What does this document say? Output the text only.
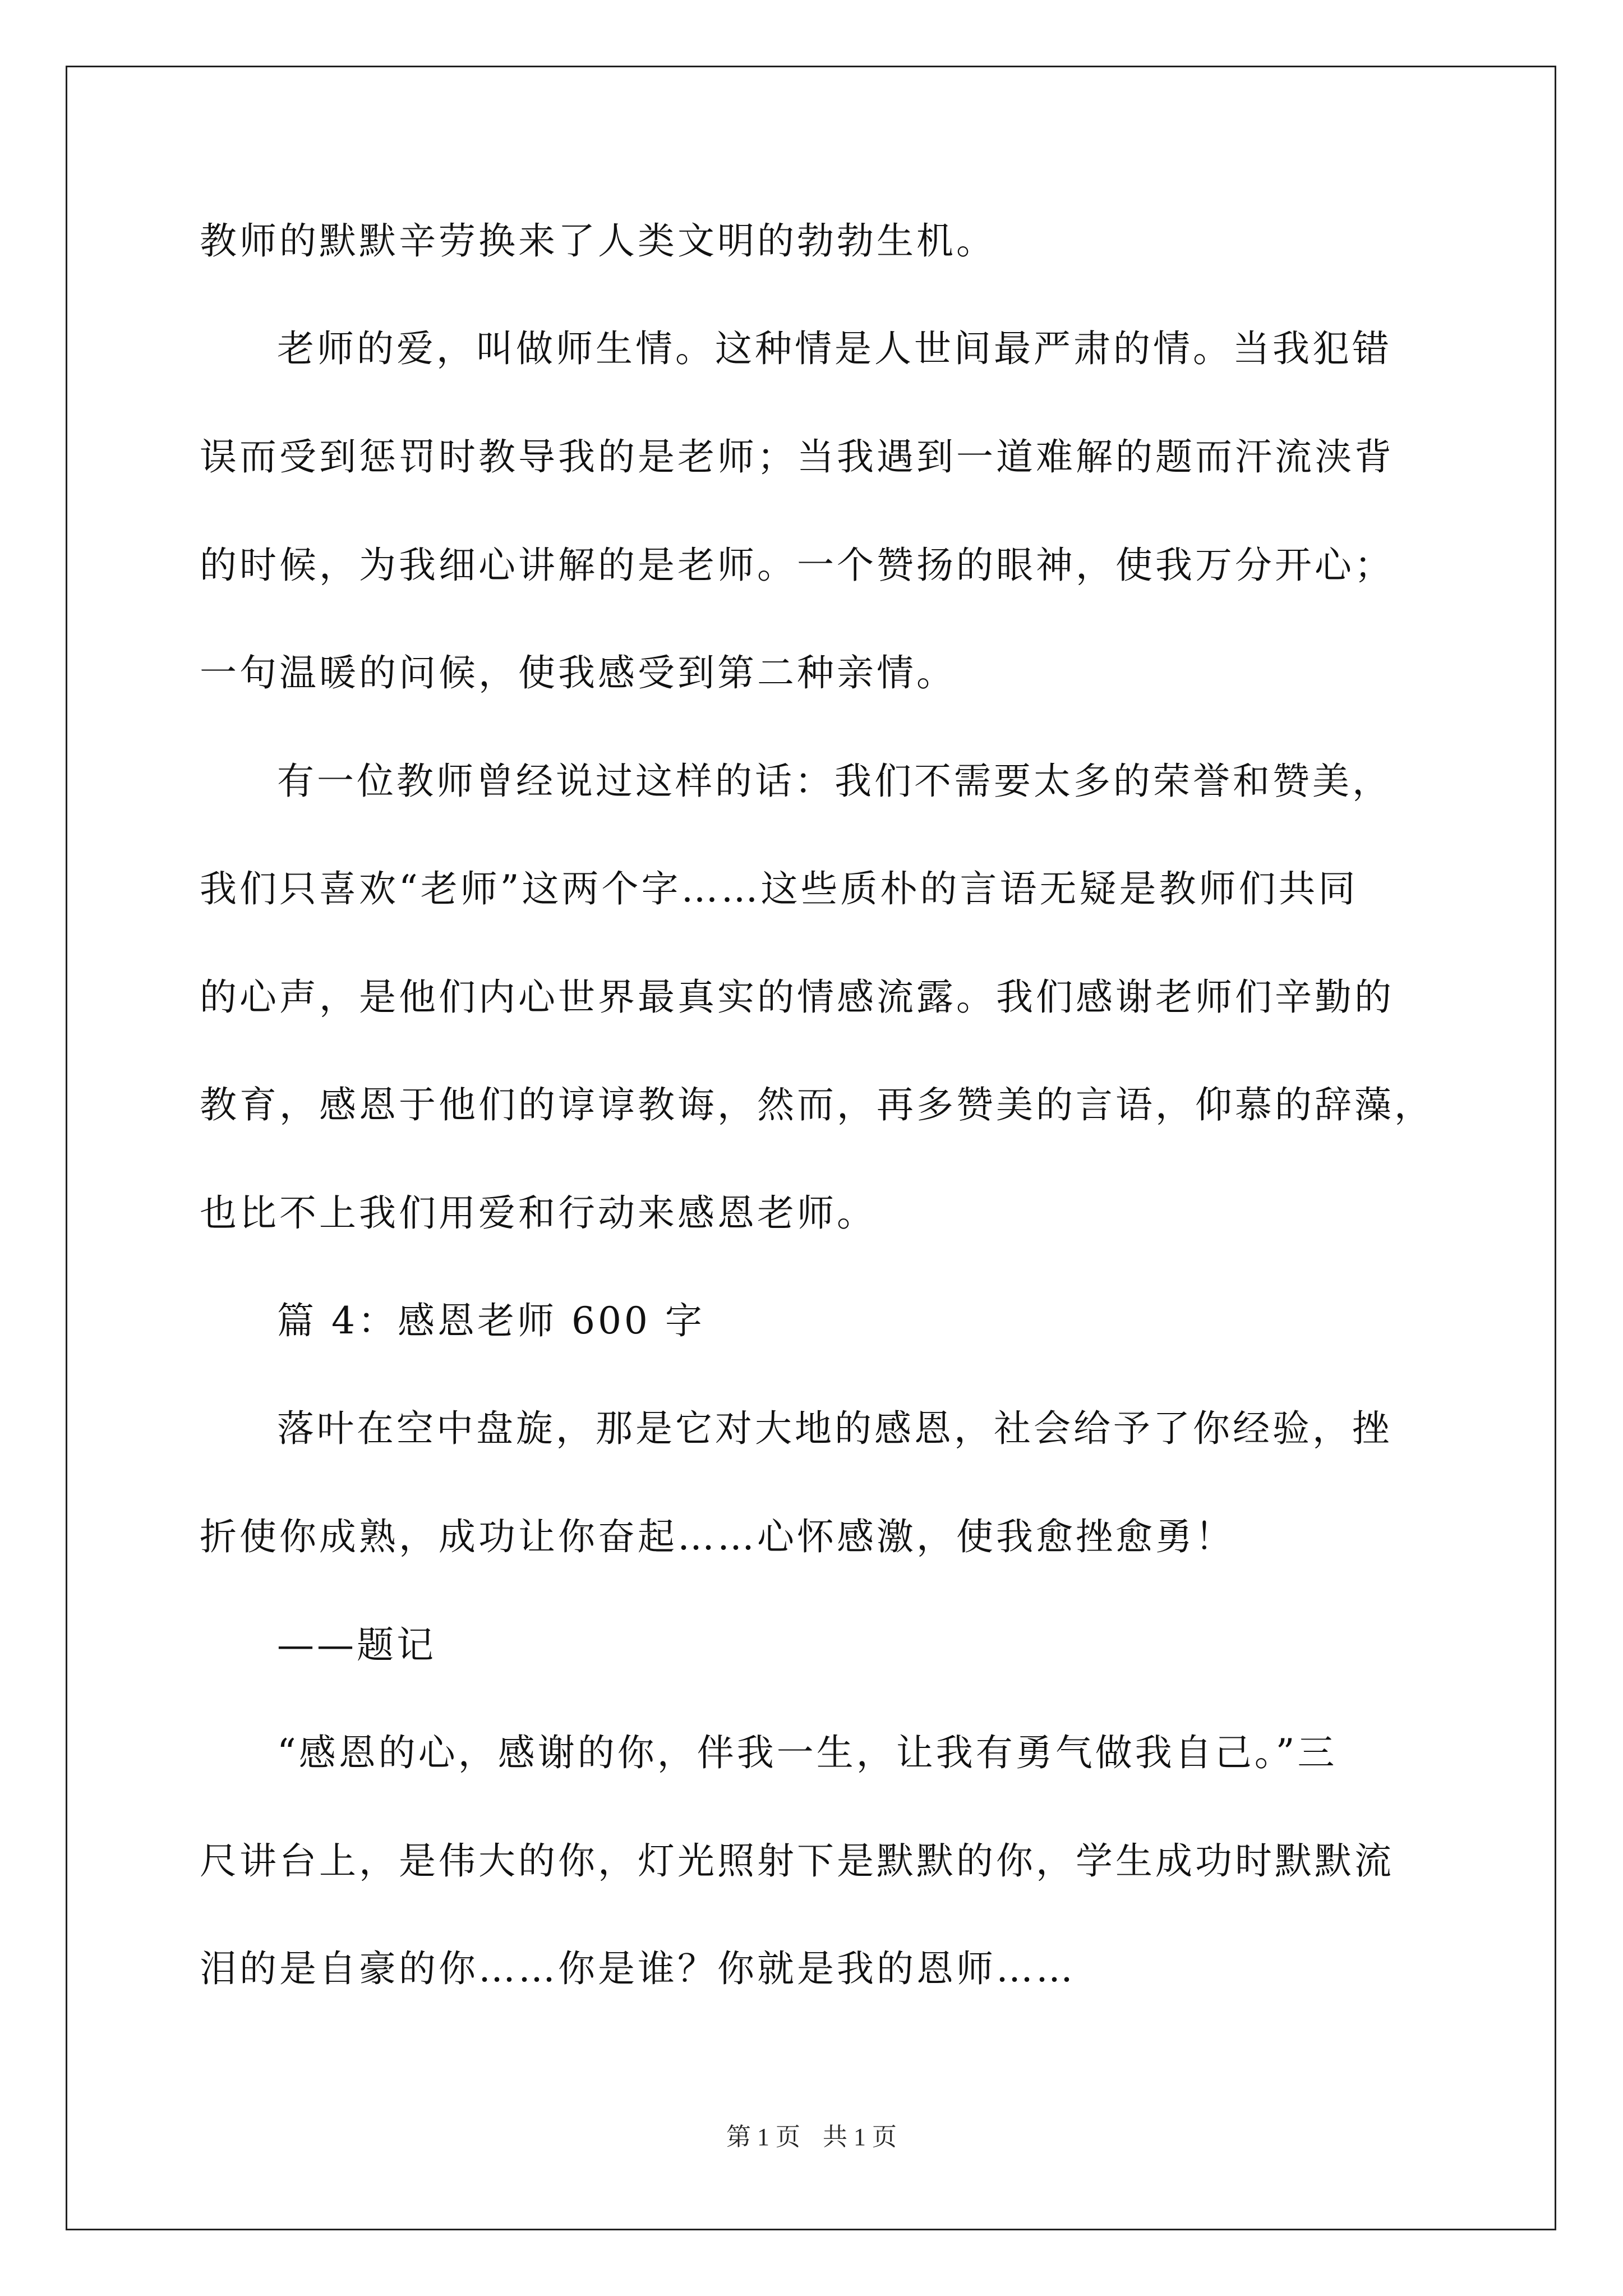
教师的默默辛劳换来了人类文明的勃勃生机。
老师的爱，叫做师生情。这种情是人世间最严肃的情。当我犯错
误而受到惩罚时教导我的是老师；当我遇到一道难解的题而汗流浃背
的时候，为我细心讲解的是老师。一个赞扬的眼神，使我万分开心；
一句温暖的问候，使我感受到第二种亲情。
有一位教师曾经说过这样的话：我们不需要太多的荣誉和赞美，
我们只喜欢“老师”这两个字……这些质朴的言语无疑是教师们共同
的心声，是他们内心世界最真实的情感流露。我们感谢老师们辛勤的
教育，感恩于他们的谆谆教诲，然而，再多赞美的言语，仰慕的辞藻，
也比不上我们用爱和行动来感恩老师。
篇 4：感恩老师 600 字
落叶在空中盘旋，那是它对大地的感恩，社会给予了你经验，挫
折使你成熟，成功让你奋起……心怀感激，使我愈挫愈勇！
——题记
“感恩的心，感谢的你，伴我一生，让我有勇气做我自己。”三
尺讲台上，是伟大的你，灯光照射下是默默的你，学生成功时默默流
泪的是自豪的你……你是谁？你就是我的恩师……
第 1 页 共 1 页
